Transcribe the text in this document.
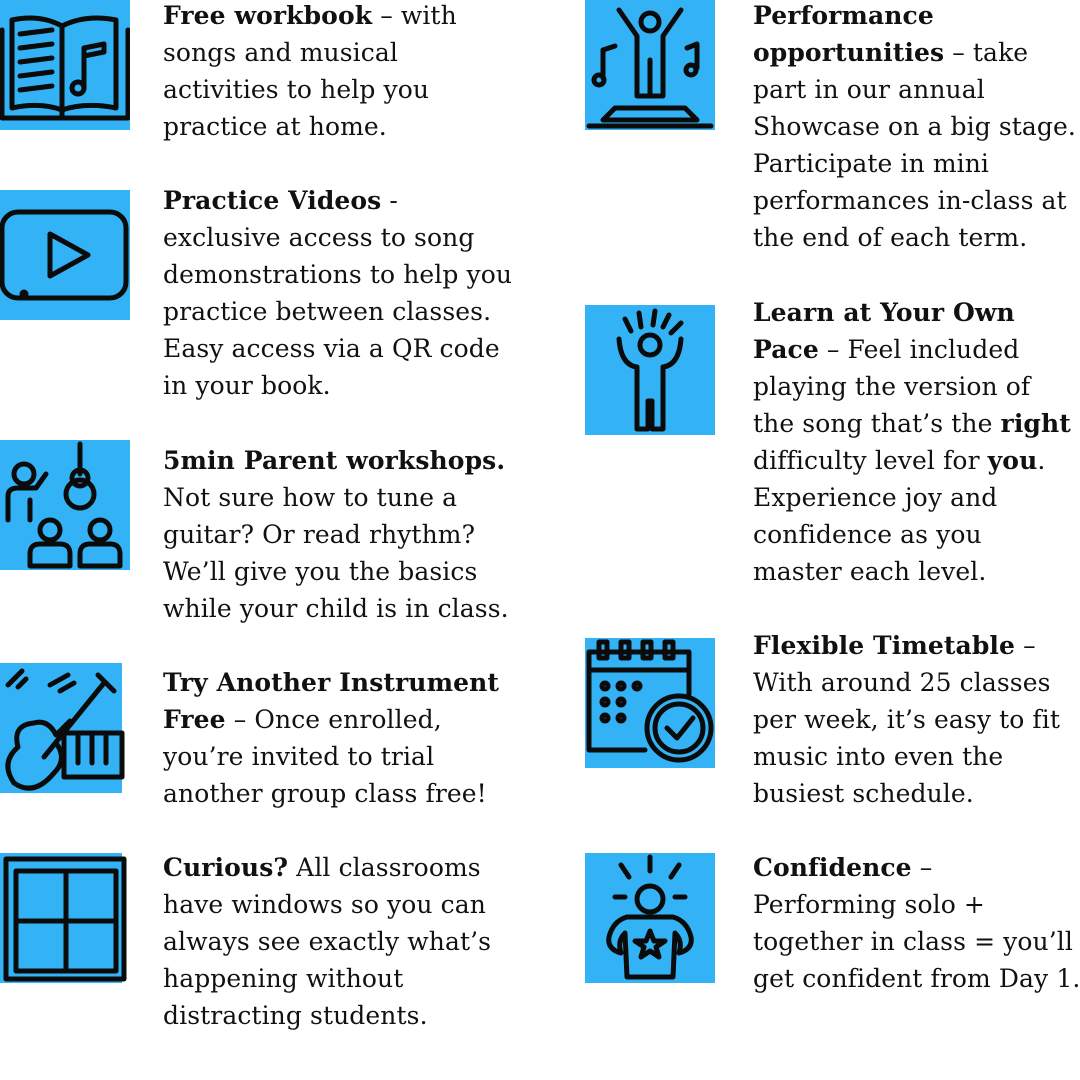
Free workbook – with
songs and musical
activities to help you
practice at home.
Practice Videos -
exclusive access to song
demonstrations to help you
practice between classes.
Easy access via a QR code
in your book.
5min Parent workshops.
Not sure how to tune a
guitar? Or read rhythm?
We’ll give you the basics
while your child is in class.
Try Another Instrument
Free – Once enrolled,
you’re invited to trial
another group class free!
Curious? All classrooms
have windows so you can
always see exactly what’s
happening without
distracting students.
Performance
opportunities – take
part in our annual
Showcase on a big stage.
Participate in mini
performances in-class at
the end of each term.
Learn at Your Own
Pace – Feel included
playing the version of
the song that’s the right
difficulty level for you.
Experience joy and
confidence as you
master each level.
Flexible Timetable –
With around 25 classes
per week, it’s easy to fit
music into even the
busiest schedule.
Confidence –
Performing solo +
together in class = you’ll
get confident from Day 1.
